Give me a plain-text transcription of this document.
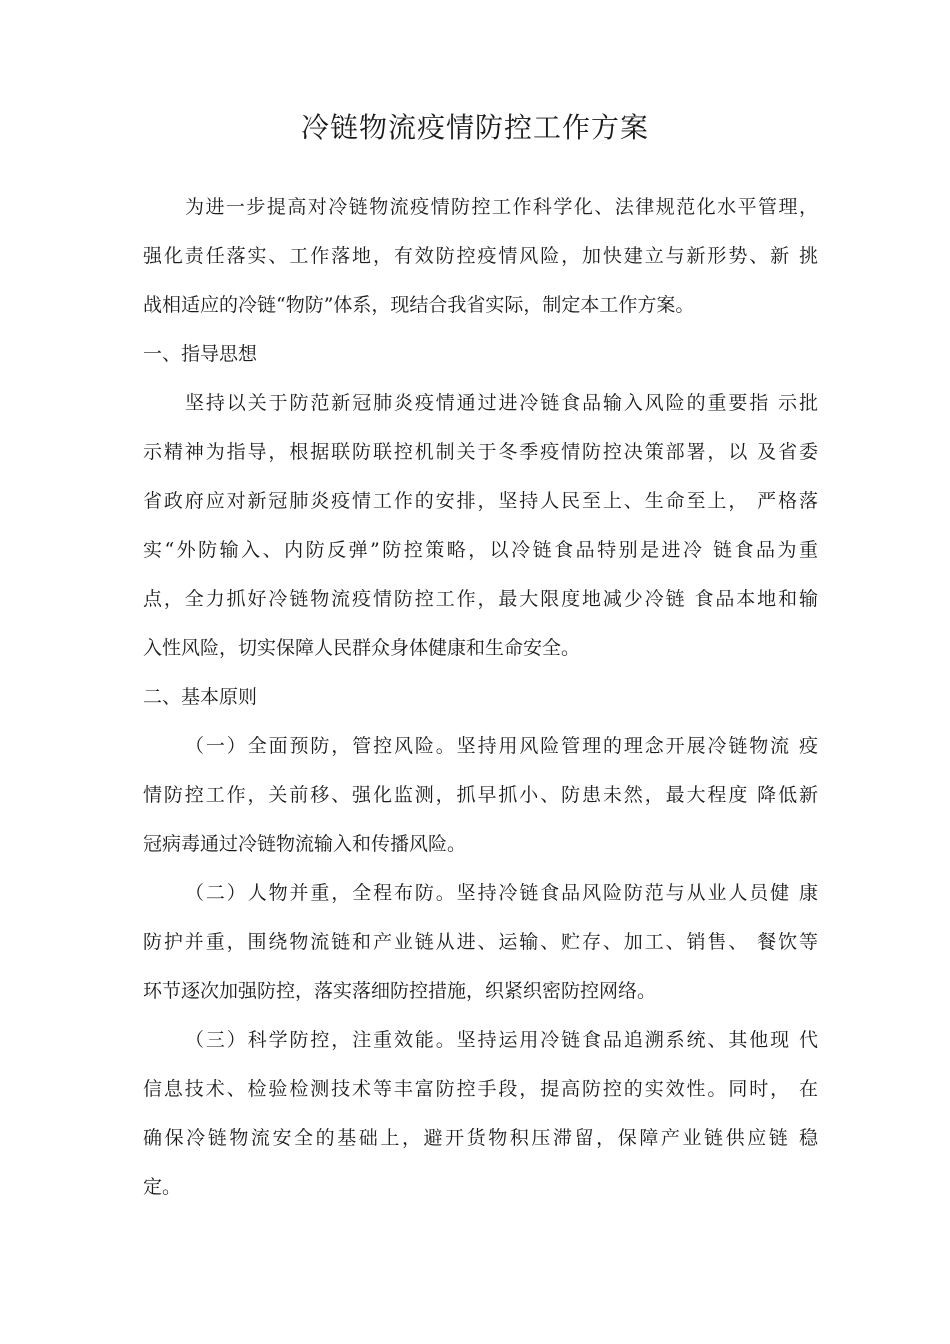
冷链物流疫情防控工作方案
为进一步提高对冷链物流疫情防控工作科学化、法律规范化水平管理，
强化责任落实、工作落地，有效防控疫情风险，加快建立与新形势、新 挑
战相适应的冷链“物防”体系，现结合我省实际，制定本工作方案。
一、指导思想
坚持以关于防范新冠肺炎疫情通过进冷链食品输入风险的重要指 示批
示精神为指导，根据联防联控机制关于冬季疫情防控决策部署，以 及省委
省政府应对新冠肺炎疫情工作的安排，坚持人民至上、生命至上， 严格落
实“外防输入、内防反弹”防控策略，以冷链食品特别是进冷 链食品为重
点，全力抓好冷链物流疫情防控工作，最大限度地减少冷链 食品本地和输
入性风险，切实保障人民群众身体健康和生命安全。
二、基本原则
（一）全面预防，管控风险。坚持用风险管理的理念开展冷链物流 疫
情防控工作，关前移、强化监测，抓早抓小、防患未然，最大程度 降低新
冠病毒通过冷链物流输入和传播风险。
（二）人物并重，全程布防。坚持冷链食品风险防范与从业人员健 康
防护并重，围绕物流链和产业链从进、运输、贮存、加工、销售、 餐饮等
环节逐次加强防控，落实落细防控措施，织紧织密防控网络。
（三）科学防控，注重效能。坚持运用冷链食品追溯系统、其他现 代
信息技术、检验检测技术等丰富防控手段，提高防控的实效性。同时， 在
确保冷链物流安全的基础上，避开货物积压滞留，保障产业链供应链 稳
定。
